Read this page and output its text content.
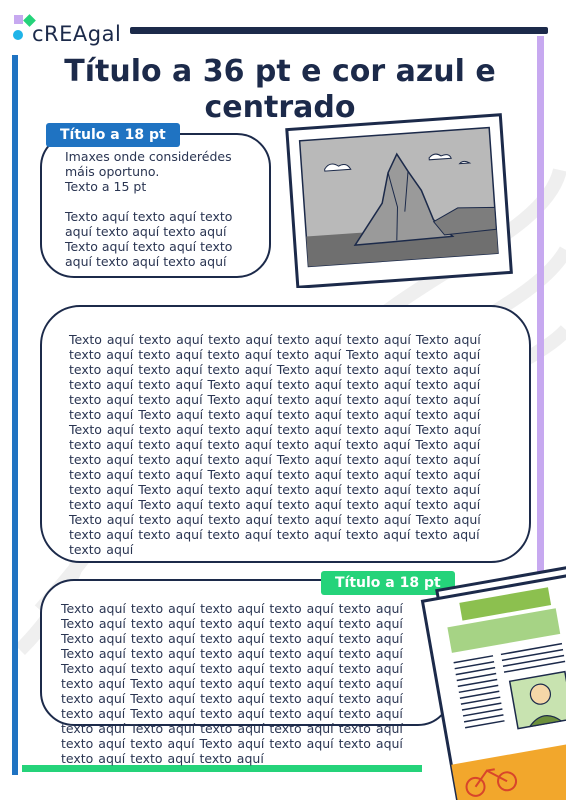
cREAgal
Título a 36 pt e cor azul e centrado
Imaxes onde considerédes
máis oportuno.
Texto a 15 pt
Texto aquí texto aquí texto
aquí texto aquí texto aquí
Texto aquí texto aquí texto
aquí texto aquí texto aquí
Título a 18 pt
Texto aquí texto aquí texto aquí texto aquí texto aquí Texto aquí texto aquí texto aquí texto aquí texto aquí Texto aquí texto aquí texto aquí texto aquí texto aquí Texto aquí texto aquí texto aquí texto aquí texto aquí Texto aquí texto aquí texto aquí texto aquí texto aquí texto aquí Texto aquí texto aquí texto aquí texto aquí texto aquí Texto aquí texto aquí texto aquí texto aquí texto aquí Texto aquí texto aquí texto aquí texto aquí texto aquí Texto aquí texto aquí texto aquí texto aquí texto aquí texto aquí Texto aquí texto aquí texto aquí texto aquí Texto aquí texto aquí texto aquí texto aquí texto aquí Texto aquí texto aquí texto aquí texto aquí texto aquí Texto aquí texto aquí texto aquí texto aquí texto aquí texto aquí Texto aquí texto aquí texto aquí texto aquí texto aquí Texto aquí texto aquí texto aquí texto aquí texto aquí Texto aquí texto aquí texto aquí texto aquí texto aquí texto aquí texto aquí texto aquí
Texto aquí texto aquí texto aquí texto aquí texto aquí Texto aquí texto aquí texto aquí texto aquí texto aquí Texto aquí texto aquí texto aquí texto aquí texto aquí Texto aquí texto aquí texto aquí texto aquí texto aquí Texto aquí texto aquí texto aquí texto aquí texto aquí texto aquí Texto aquí texto aquí texto aquí texto aquí texto aquí Texto aquí texto aquí texto aquí texto aquí texto aquí Texto aquí texto aquí texto aquí texto aquí texto aquí Texto aquí texto aquí texto aquí texto aquí texto aquí texto aquí Texto aquí texto aquí texto aquí texto aquí texto aquí texto aquí
Título a 18 pt
